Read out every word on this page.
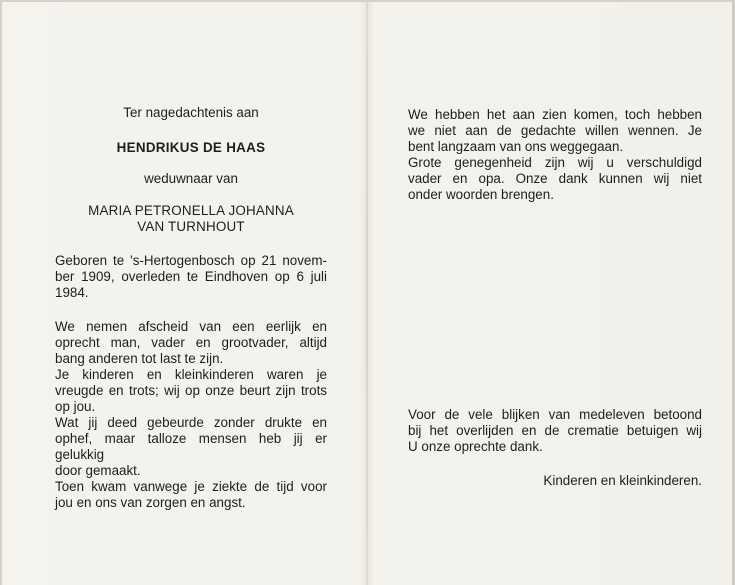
Ter nagedachtenis aan
HENDRIKUS DE HAAS
weduwnaar van
MARIA PETRONELLA JOHANNA
VAN TURNHOUT
Geboren te 's-Hertogenbosch op 21 novem-
ber 1909, overleden te Eindhoven op 6 juli
1984.
We nemen afscheid van een eerlijk en
oprecht man, vader en grootvader, altijd
bang anderen tot last te zijn.
Je kinderen en kleinkinderen waren je
vreugde en trots; wij op onze beurt zijn trots
op jou.
Wat jij deed gebeurde zonder drukte en
ophef, maar talloze mensen heb jij er gelukkig
door gemaakt.
Toen kwam vanwege je ziekte de tijd voor
jou en ons van zorgen en angst.
We hebben het aan zien komen, toch hebben
we niet aan de gedachte willen wennen. Je
bent langzaam van ons weggegaan.
Grote genegenheid zijn wij u verschuldigd
vader en opa. Onze dank kunnen wij niet
onder woorden brengen.
Voor de vele blijken van medeleven betoond
bij het overlijden en de crematie betuigen wij
U onze oprechte dank.
Kinderen en kleinkinderen.
